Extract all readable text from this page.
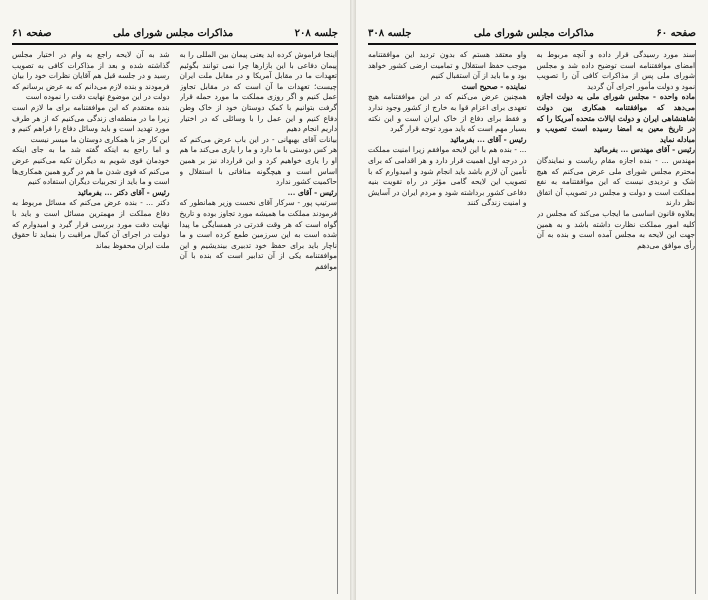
جلسه ۲۰۸
مذاکرات مجلس شورای ملی
صفحه ۶۱

اینجا فراموش کرده اید یعنی پیمان بین المللی را به پیمان دفاعی با این بازارها چرا نمی توانند بگوئیم تعهدات ما در مقابل آمریکا و در مقابل ملت ایران چیست؛ تعهدات ما آن است که در مقابل تجاوز عمل کنیم و اگر روزی مملکت ما مورد حمله قرار گرفت بتوانیم با کمک دوستان خود از خاک وطن دفاع کنیم و این عمل را با وسائلی که در اختیار داریم انجام دهیم

بیانات آقای بهبهانی - در این باب عرض می‌کنم که هر کس دوستی با ما دارد و ما را یاری می‌کند ما هم او را یاری خواهیم کرد و این قرارداد نیز بر همین اساس است و هیچگونه منافاتی با استقلال و حاکمیت کشور ندارد

رئیس - آقای ...

سرتیپ پور - سرکار آقای نخست وزیر همانطور که فرمودند مملکت ما همیشه مورد تجاوز بوده و تاریخ گواه است که هر وقت قدرتی در همسایگی ما پیدا شده است به این سرزمین طمع کرده است و ما ناچار باید برای حفظ خود تدبیری بیندیشیم و این موافقتنامه یکی از آن تدابیر است که بنده با آن موافقم

شد به آن لایحه راجع به وام در اختیار مجلس گذاشته شده و بعد از مذاکرات کافی به تصویب رسید و در جلسه قبل هم آقایان نظرات خود را بیان فرمودند و بنده لازم می‌دانم که به عرض برسانم که دولت در این موضوع نهایت دقت را نموده است

بنده معتقدم که این موافقتنامه برای ما لازم است زیرا ما در منطقه‌ای زندگی می‌کنیم که از هر طرف مورد تهدید است و باید وسائل دفاع را فراهم کنیم و این کار جز با همکاری دوستان ما میسر نیست

و اما راجع به اینکه گفته شد ما به جای اینکه خودمان قوی شویم به دیگران تکیه می‌کنیم عرض می‌کنم که قوی شدن ما هم در گرو همین همکاری‌ها است و ما باید از تجربیات دیگران استفاده کنیم

رئیس - آقای دکتر ... بفرمائید

دکتر ... - بنده عرض می‌کنم که مسائل مربوط به دفاع مملکت از مهمترین مسائل است و باید با نهایت دقت مورد بررسی قرار گیرد و امیدوارم که دولت در اجرای آن کمال مراقبت را بنماید تا حقوق ملت ایران محفوظ بماند

صفحه ۶۰
مذاکرات مجلس شورای ملی
جلسه ۳۰۸

سند مورد رسیدگی قرار داده و آنچه مربوط به امضای موافقتنامه است توضیح داده شد و مجلس شورای ملی پس از مذاکرات کافی آن را تصویب نمود و دولت مأمور اجرای آن گردید

ماده واحده - مجلس شورای ملی به دولت اجازه می‌دهد که موافقتنامه همکاری بین دولت شاهنشاهی ایران و دولت ایالات متحده آمریکا را که در تاریخ معین به امضا رسیده است تصویب و مبادله نماید

رئیس - آقای مهندس ... بفرمائید

مهندس ... - بنده اجازه مقام ریاست و نمایندگان محترم مجلس شورای ملی عرض می‌کنم که هیچ شک و تردیدی نیست که این موافقتنامه به نفع مملکت است و دولت و مجلس در تصویب آن اتفاق نظر دارند

بعلاوه قانون اساسی ما ایجاب می‌کند که مجلس در کلیه امور مملکت نظارت داشته باشد و به همین جهت این لایحه به مجلس آمده است و بنده به آن رأی موافق می‌دهم

واو معتقد هستم که بدون تردید این موافقتنامه موجب حفظ استقلال و تمامیت ارضی کشور خواهد بود و ما باید از آن استقبال کنیم

نماینده - صحیح است

همچنین عرض می‌کنم که در این موافقتنامه هیچ تعهدی برای اعزام قوا به خارج از کشور وجود ندارد و فقط برای دفاع از خاک ایران است و این نکته بسیار مهم است که باید مورد توجه قرار گیرد

رئیس - آقای ... بفرمائید

... - بنده هم با این لایحه موافقم زیرا امنیت مملکت در درجه اول اهمیت قرار دارد و هر اقدامی که برای تأمین آن لازم باشد باید انجام شود و امیدوارم که با تصویب این لایحه گامی مؤثر در راه تقویت بنیه دفاعی کشور برداشته شود و مردم ایران در آسایش و امنیت زندگی کنند
